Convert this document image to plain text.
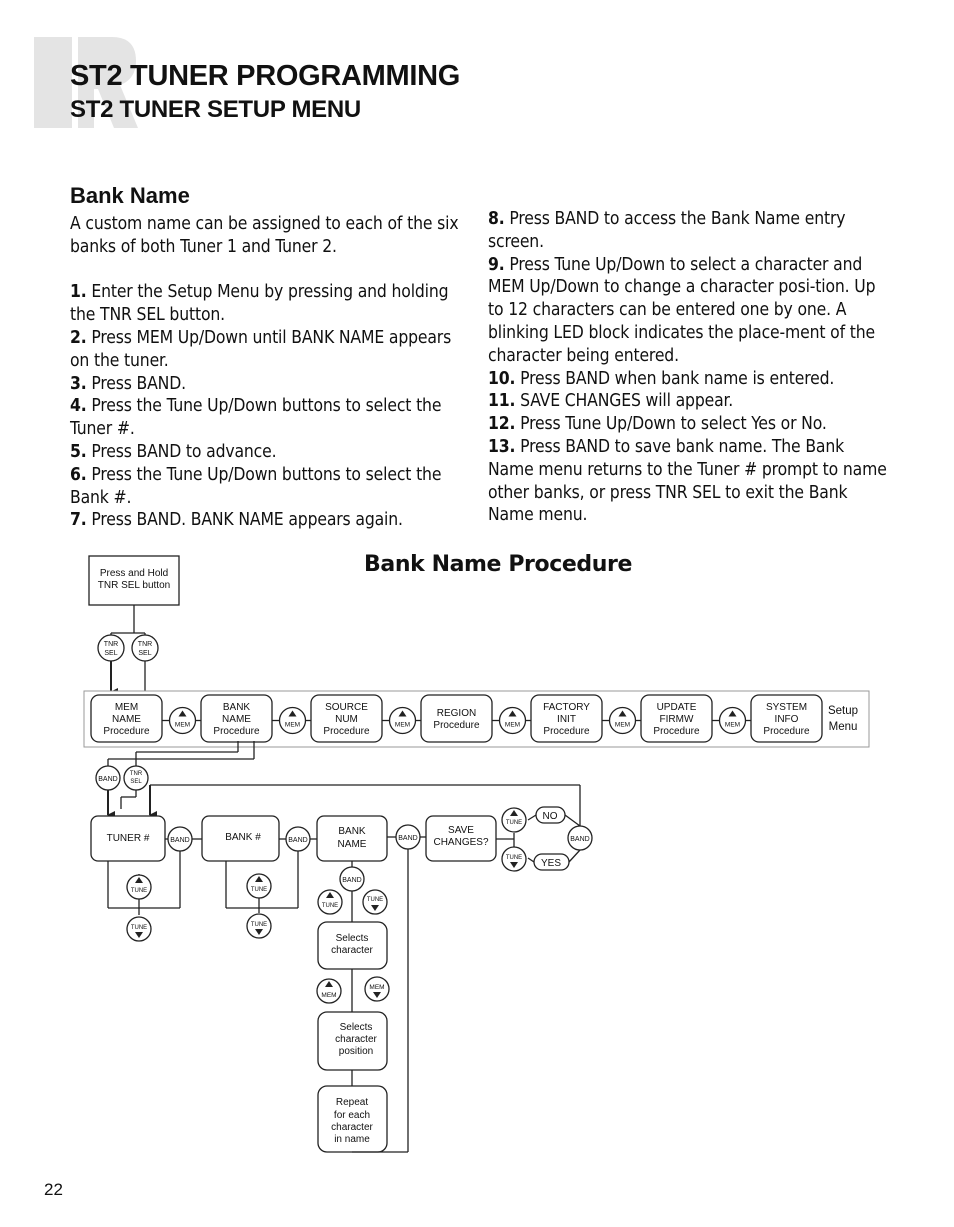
ST2 TUNER PROGRAMMING
ST2 TUNER SETUP MENU
Bank Name

A custom name can be assigned to each of the six banks of both Tuner 1 and Tuner 2.

1. Enter the Setup Menu by pressing and holding the TNR SEL button.

2. Press MEM Up/Down until BANK NAME appears on the tuner.

3. Press BAND.

4. Press the Tune Up/Down buttons to select the Tuner #.

5. Press BAND to advance.

6. Press the Tune Up/Down buttons to select the Bank #.

7. Press BAND. BANK NAME appears again.

8. Press BAND to access the Bank Name entry screen.

9. Press Tune Up/Down to select a character and MEM Up/Down to change a character posi-tion. Up to 12 characters can be entered one by one. A blinking LED block indicates the place-ment of the character being entered.

10. Press BAND when bank name is entered.

11. SAVE CHANGES will appear.

12. Press Tune Up/Down to select Yes or No.

13. Press BAND to save bank name. The Bank Name menu returns to the Tuner # prompt to name other banks, or press TNR SEL to exit the Bank Name menu.

Bank Name Procedure
Press and Hold
TNR SEL button
TNR
SEL
TNR
SEL
Setup
Menu
MEM
NAME
Procedure
MEM
BANK
NAME
Procedure
MEM
SOURCE
NUM
Procedure
MEM
REGION
Procedure	MEM
FACTORY
INIT
Procedure
MEM
UPDATE
FIRMW
Procedure
MEM
SYSTEM
INFO
Procedure
BAND
TNR
SEL
TUNER #	BANK #
BANK
NAME
SAVE
CHANGES?
BAND	BAND	BAND	BAND
TUNE
TUNE
NO
YES
TUNE
TUNE
TUNE
TUNE
BAND
TUNE
TUNE
Selects
character
MEM
MEM
Selects
character
position
Repeat
for each
character
in name
22
